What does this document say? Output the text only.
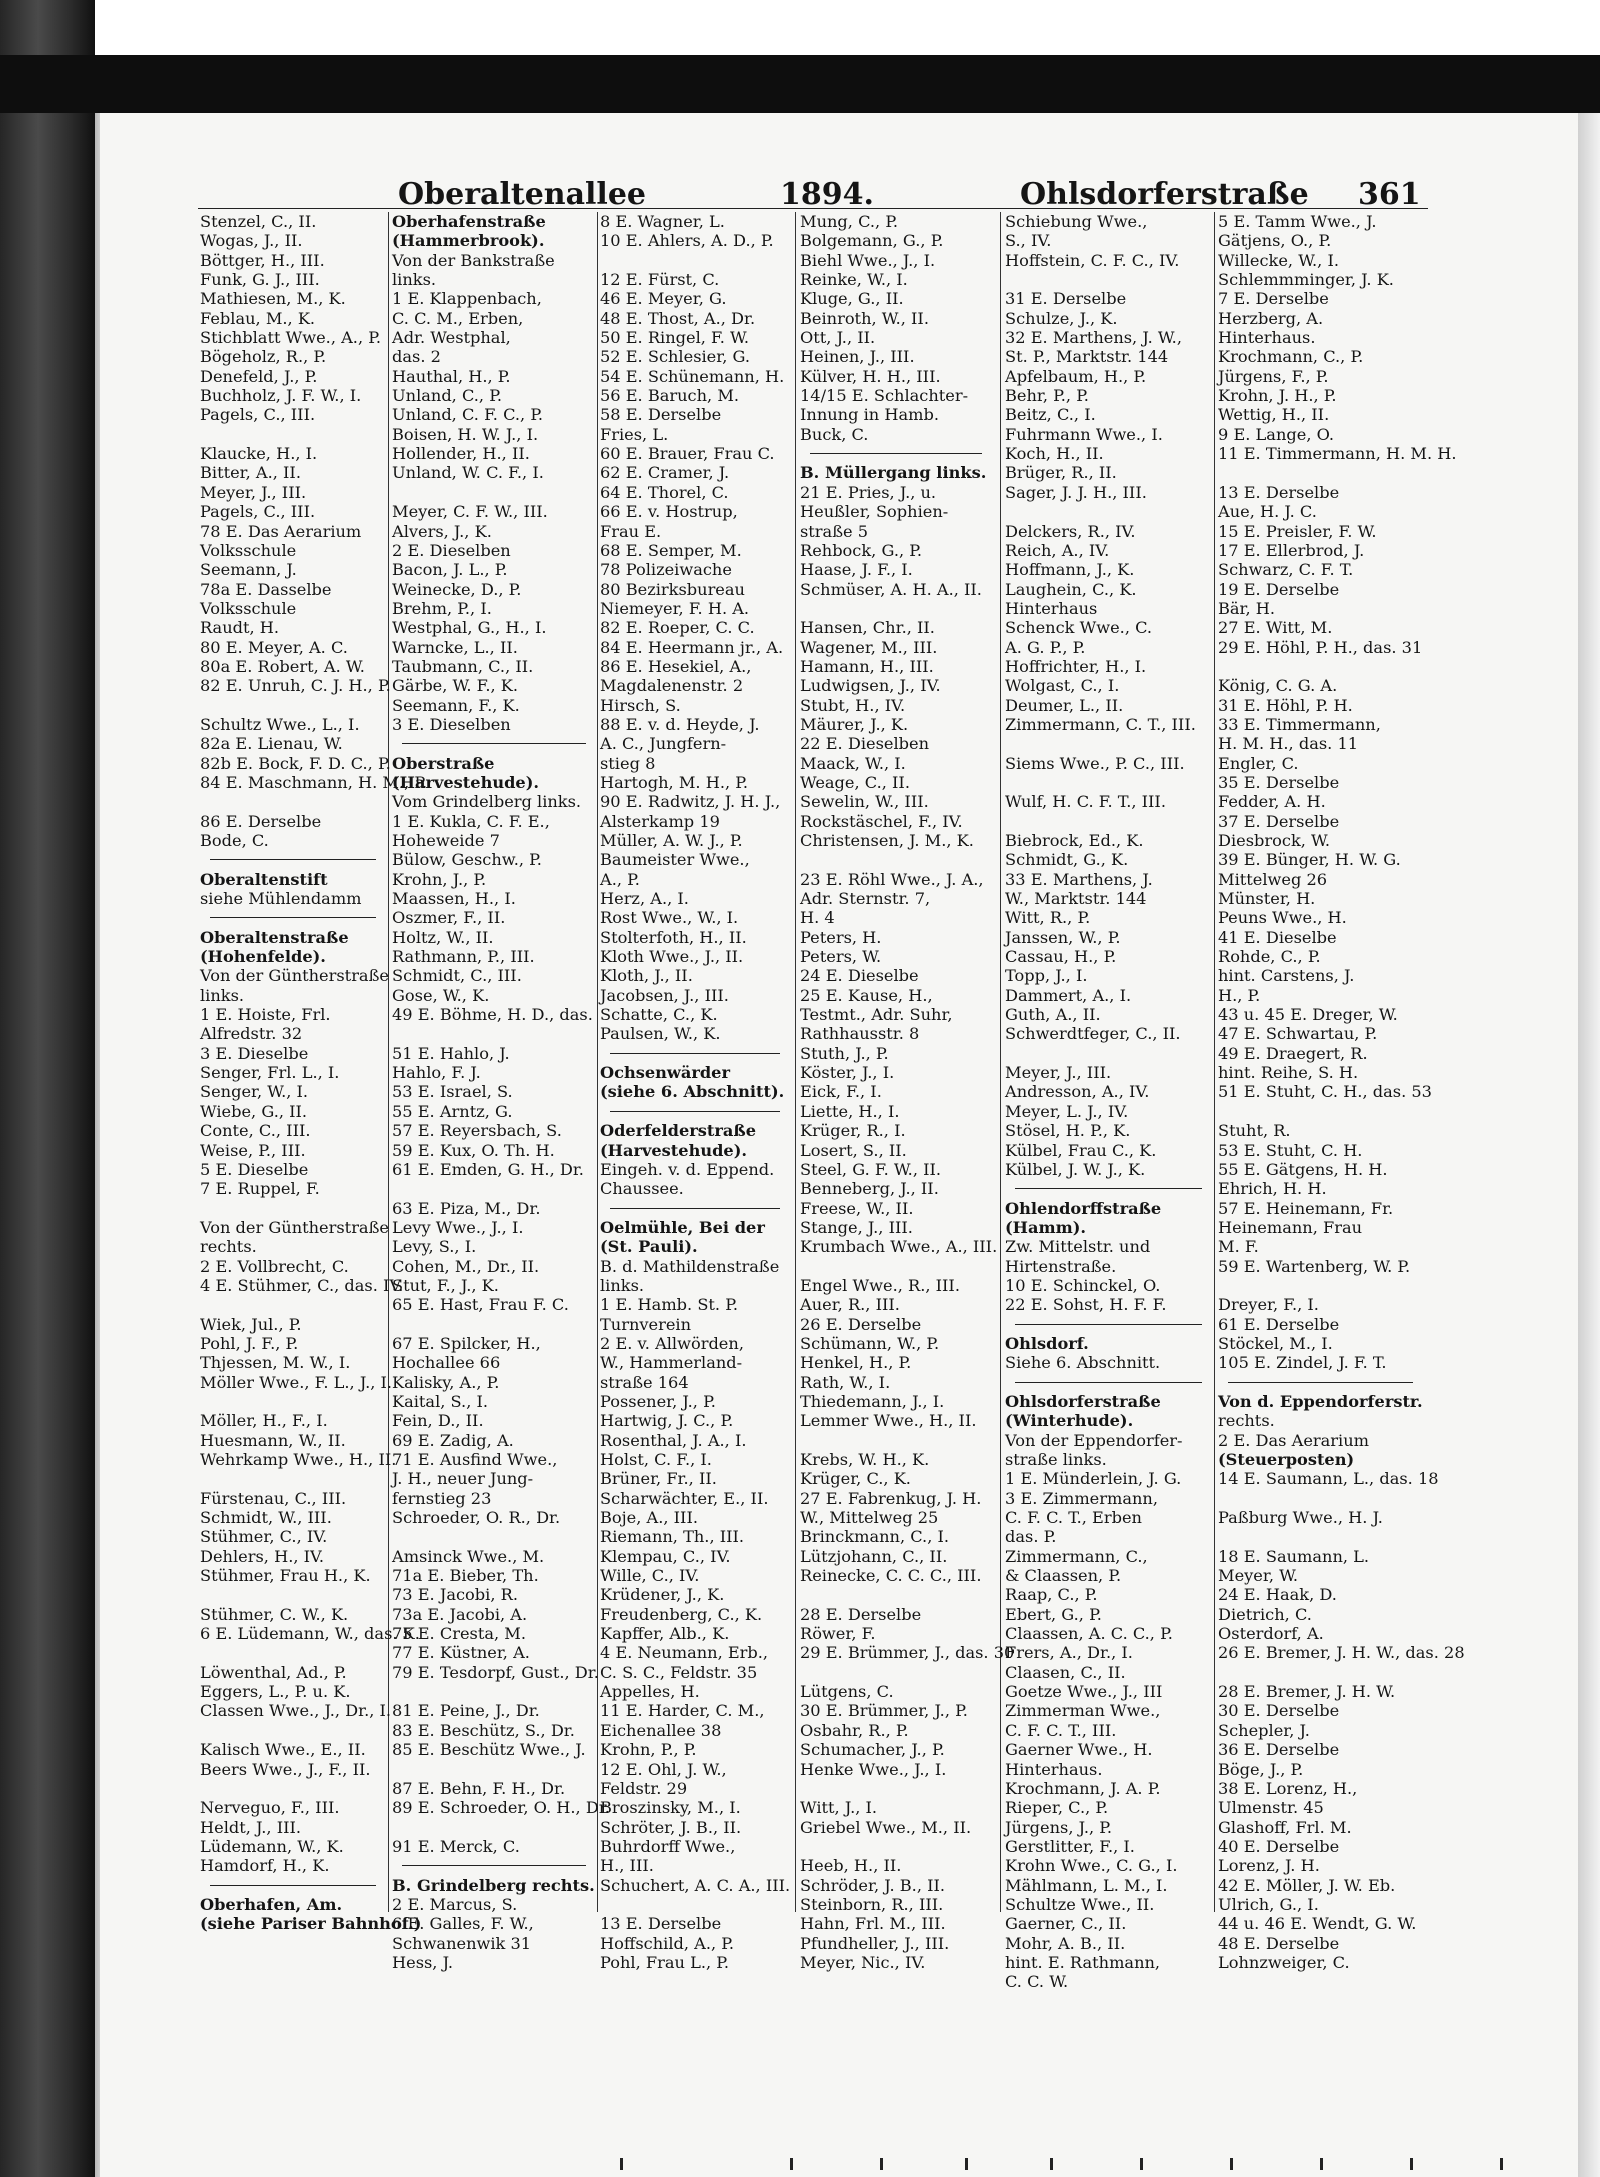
Oberaltenallee	1894.	Ohlsdorferstraße 361
Stenzel, C., II.
Wogas, J., II.
Böttger, H., III.
Funk, G. J., III.
Mathiesen, M., K.
Feblau, M., K.
Stichblatt Wwe., A., P.
Bögeholz, R., P.
Denefeld, J., P.
Buchholz, J. F. W., I.
Pagels, C., III.
Klaucke, H., I.
Bitter, A., II.
Meyer, J., III.
Pagels, C., III.
78 E. Das Aerarium
Volksschule
Seemann, J.
78a E. Dasselbe
Volksschule
Raudt, H.
80 E. Meyer, A. C.
80a E. Robert, A. W.
82 E. Unruh, C. J. H., P.
Schultz Wwe., L., I.
82a E. Lienau, W.
82b E. Bock, F. D. C., P.
84 E. Maschmann, H. M., P.
86 E. Derselbe
Bode, C.
Oberaltenstift
siehe Mühlendamm
Oberaltenstraße
(Hohenfelde).
Von der Güntherstraße
links.
1 E. Hoiste, Frl.
Alfredstr. 32
3 E. Dieselbe
Senger, Frl. L., I.
Senger, W., I.
Wiebe, G., II.
Conte, C., III.
Weise, P., III.
5 E. Dieselbe
7 E. Ruppel, F.
Von der Güntherstraße
rechts.
2 E. Vollbrecht, C.
4 E. Stühmer, C., das. IV.
Wiek, Jul., P.
Pohl, J. F., P.
Thjessen, M. W., I.
Möller Wwe., F. L., J., I.
Möller, H., F., I.
Huesmann, W., II.
Wehrkamp Wwe., H., II.
Fürstenau, C., III.
Schmidt, W., III.
Stühmer, C., IV.
Dehlers, H., IV.
Stühmer, Frau H., K.
Stühmer, C. W., K.
6 E. Lüdemann, W., das. K.
Löwenthal, Ad., P.
Eggers, L., P. u. K.
Classen Wwe., J., Dr., I.
Kalisch Wwe., E., II.
Beers Wwe., J., F., II.
Nerveguo, F., III.
Heldt, J., III.
Lüdemann, W., K.
Hamdorf, H., K.
Oberhafen, Am.
(siehe Pariser Bahnhof.)
Oberhafenstraße
(Hammerbrook).
Von der Bankstraße
links.
1 E. Klappenbach,
C. C. M., Erben,
Adr. Westphal,
das. 2
Hauthal, H., P.
Unland, C., P.
Unland, C. F. C., P.
Boisen, H. W. J., I.
Hollender, H., II.
Unland, W. C. F., I.
Meyer, C. F. W., III.
Alvers, J., K.
2 E. Dieselben
Bacon, J. L., P.
Weinecke, D., P.
Brehm, P., I.
Westphal, G., H., I.
Warncke, L., II.
Taubmann, C., II.
Gärbe, W. F., K.
Seemann, F., K.
3 E. Dieselben
Oberstraße
(Harvestehude).
Vom Grindelberg links.
1 E. Kukla, C. F. E.,
Hoheweide 7
Bülow, Geschw., P.
Krohn, J., P.
Maassen, H., I.
Oszmer, F., II.
Holtz, W., II.
Rathmann, P., III.
Schmidt, C., III.
Gose, W., K.
49 E. Böhme, H. D., das.
51 E. Hahlo, J.
Hahlo, F. J.
53 E. Israel, S.
55 E. Arntz, G.
57 E. Reyersbach, S.
59 E. Kux, O. Th. H.
61 E. Emden, G. H., Dr.
63 E. Piza, M., Dr.
Levy Wwe., J., I.
Levy, S., I.
Cohen, M., Dr., II.
Stut, F., J., K.
65 E. Hast, Frau F. C.
67 E. Spilcker, H.,
Hochallee 66
Kalisky, A., P.
Kaital, S., I.
Fein, D., II.
69 E. Zadig, A.
71 E. Ausfind Wwe.,
J. H., neuer Jung-
fernstieg 23
Schroeder, O. R., Dr.
Amsinck Wwe., M.
71a E. Bieber, Th.
73 E. Jacobi, R.
73a E. Jacobi, A.
75 E. Cresta, M.
77 E. Küstner, A.
79 E. Tesdorpf, Gust., Dr.
81 E. Peine, J., Dr.
83 E. Beschütz, S., Dr.
85 E. Beschütz Wwe., J.
87 E. Behn, F. H., Dr.
89 E. Schroeder, O. H., Dr.
91 E. Merck, C.
B. Grindelberg rechts.
2 E. Marcus, S.
6 E. Galles, F. W.,
Schwanenwik 31
Hess, J.
8 E. Wagner, L.
10 E. Ahlers, A. D., P.
12 E. Fürst, C.
46 E. Meyer, G.
48 E. Thost, A., Dr.
50 E. Ringel, F. W.
52 E. Schlesier, G.
54 E. Schünemann, H.
56 E. Baruch, M.
58 E. Derselbe
Fries, L.
60 E. Brauer, Frau C.
62 E. Cramer, J.
64 E. Thorel, C.
66 E. v. Hostrup,
Frau E.
68 E. Semper, M.
78 Polizeiwache
80 Bezirksbureau
Niemeyer, F. H. A.
82 E. Roeper, C. C.
84 E. Heermann jr., A.
86 E. Hesekiel, A.,
Magdalenenstr. 2
Hirsch, S.
88 E. v. d. Heyde, J.
A. C., Jungfern-
stieg 8
Hartogh, M. H., P.
90 E. Radwitz, J. H. J.,
Alsterkamp 19
Müller, A. W. J., P.
Baumeister Wwe.,
A., P.
Herz, A., I.
Rost Wwe., W., I.
Stolterfoth, H., II.
Kloth Wwe., J., II.
Kloth, J., II.
Jacobsen, J., III.
Schatte, C., K.
Paulsen, W., K.
Ochsenwärder
(siehe 6. Abschnitt).
Oderfelderstraße
(Harvestehude).
Eingeh. v. d. Eppend.
Chaussee.
Oelmühle, Bei der
(St. Pauli).
B. d. Mathildenstraße
links.
1 E. Hamb. St. P.
Turnverein
2 E. v. Allwörden,
W., Hammerland-
straße 164
Possener, J., P.
Hartwig, J. C., P.
Rosenthal, J. A., I.
Holst, C. F., I.
Brüner, Fr., II.
Scharwächter, E., II.
Boje, A., III.
Riemann, Th., III.
Klempau, C., IV.
Wille, C., IV.
Krüdener, J., K.
Freudenberg, C., K.
Kapffer, Alb., K.
4 E. Neumann, Erb.,
C. S. C., Feldstr. 35
Appelles, H.
11 E. Harder, C. M.,
Eichenallee 38
Krohn, P., P.
12 E. Ohl, J. W.,
Feldstr. 29
Broszinsky, M., I.
Schröter, J. B., II.
Buhrdorff Wwe.,
H., III.
Schuchert, A. C. A., III.
13 E. Derselbe
Hoffschild, A., P.
Pohl, Frau L., P.
Mung, C., P.
Bolgemann, G., P.
Biehl Wwe., J., I.
Reinke, W., I.
Kluge, G., II.
Beinroth, W., II.
Ott, J., II.
Heinen, J., III.
Külver, H. H., III.
14/15 E. Schlachter-
Innung in Hamb.
Buck, C.
B. Müllergang links.
21 E. Pries, J., u.
Heußler, Sophien-
straße 5
Rehbock, G., P.
Haase, J. F., I.
Schmüser, A. H. A., II.
Hansen, Chr., II.
Wagener, M., III.
Hamann, H., III.
Ludwigsen, J., IV.
Stubt, H., IV.
Mäurer, J., K.
22 E. Dieselben
Maack, W., I.
Weage, C., II.
Sewelin, W., III.
Rockstäschel, F., IV.
Christensen, J. M., K.
23 E. Röhl Wwe., J. A.,
Adr. Sternstr. 7,
H. 4
Peters, H.
Peters, W.
24 E. Dieselbe
25 E. Kause, H.,
Testmt., Adr. Suhr,
Rathhausstr. 8
Stuth, J., P.
Köster, J., I.
Eick, F., I.
Liette, H., I.
Krüger, R., I.
Losert, S., II.
Steel, G. F. W., II.
Benneberg, J., II.
Freese, W., II.
Stange, J., III.
Krumbach Wwe., A., III.
Engel Wwe., R., III.
Auer, R., III.
26 E. Derselbe
Schümann, W., P.
Henkel, H., P.
Rath, W., I.
Thiedemann, J., I.
Lemmer Wwe., H., II.
Krebs, W. H., K.
Krüger, C., K.
27 E. Fabrenkug, J. H.
W., Mittelweg 25
Brinckmann, C., I.
Lützjohann, C., II.
Reinecke, C. C. C., III.
28 E. Derselbe
Röwer, F.
29 E. Brümmer, J., das. 30
Lütgens, C.
30 E. Brümmer, J., P.
Osbahr, R., P.
Schumacher, J., P.
Henke Wwe., J., I.
Witt, J., I.
Griebel Wwe., M., II.
Heeb, H., II.
Schröder, J. B., II.
Steinborn, R., III.
Hahn, Frl. M., III.
Pfundheller, J., III.
Meyer, Nic., IV.
Schiebung Wwe.,
S., IV.
Hoffstein, C. F. C., IV.
31 E. Derselbe
Schulze, J., K.
32 E. Marthens, J. W.,
St. P., Marktstr. 144
Apfelbaum, H., P.
Behr, P., P.
Beitz, C., I.
Fuhrmann Wwe., I.
Koch, H., II.
Brüger, R., II.
Sager, J. J. H., III.
Delckers, R., IV.
Reich, A., IV.
Hoffmann, J., K.
Laughein, C., K.
Hinterhaus
Schenck Wwe., C.
A. G. P., P.
Hoffrichter, H., I.
Wolgast, C., I.
Deumer, L., II.
Zimmermann, C. T., III.
Siems Wwe., P. C., III.
Wulf, H. C. F. T., III.
Biebrock, Ed., K.
Schmidt, G., K.
33 E. Marthens, J.
W., Marktstr. 144
Witt, R., P.
Janssen, W., P.
Cassau, H., P.
Topp, J., I.
Dammert, A., I.
Guth, A., II.
Schwerdtfeger, C., II.
Meyer, J., III.
Andresson, A., IV.
Meyer, L. J., IV.
Stösel, H. P., K.
Külbel, Frau C., K.
Külbel, J. W. J., K.
Ohlendorffstraße
(Hamm).
Zw. Mittelstr. und
Hirtenstraße.
10 E. Schinckel, O.
22 E. Sohst, H. F. F.
Ohlsdorf.
Siehe 6. Abschnitt.
Ohlsdorferstraße
(Winterhude).
Von der Eppendorfer-
straße links.
1 E. Münderlein, J. G.
3 E. Zimmermann,
C. F. C. T., Erben
das. P.
Zimmermann, C.,
& Claassen, P.
Raap, C., P.
Ebert, G., P.
Claassen, A. C. C., P.
Frers, A., Dr., I.
Claasen, C., II.
Goetze Wwe., J., III
Zimmerman Wwe.,
C. F. C. T., III.
Gaerner Wwe., H.
Hinterhaus.
Krochmann, J. A. P.
Rieper, C., P.
Jürgens, J., P.
Gerstlitter, F., I.
Krohn Wwe., C. G., I.
Mählmann, L. M., I.
Schultze Wwe., II.
Gaerner, C., II.
Mohr, A. B., II.
hint. E. Rathmann,
C. C. W.
5 E. Tamm Wwe., J.
Gätjens, O., P.
Willecke, W., I.
Schlemmminger, J. K.
7 E. Derselbe
Herzberg, A.
Hinterhaus.
Krochmann, C., P.
Jürgens, F., P.
Krohn, J. H., P.
Wettig, H., II.
9 E. Lange, O.
11 E. Timmermann, H. M. H.
13 E. Derselbe
Aue, H. J. C.
15 E. Preisler, F. W.
17 E. Ellerbrod, J.
Schwarz, C. F. T.
19 E. Derselbe
Bär, H.
27 E. Witt, M.
29 E. Höhl, P. H., das. 31
König, C. G. A.
31 E. Höhl, P. H.
33 E. Timmermann,
H. M. H., das. 11
Engler, C.
35 E. Derselbe
Fedder, A. H.
37 E. Derselbe
Diesbrock, W.
39 E. Bünger, H. W. G.
Mittelweg 26
Münster, H.
Peuns Wwe., H.
41 E. Dieselbe
Rohde, C., P.
hint. Carstens, J.
H., P.
43 u. 45 E. Dreger, W.
47 E. Schwartau, P.
49 E. Draegert, R.
hint. Reihe, S. H.
51 E. Stuht, C. H., das. 53
Stuht, R.
53 E. Stuht, C. H.
55 E. Gätgens, H. H.
Ehrich, H. H.
57 E. Heinemann, Fr.
Heinemann, Frau
M. F.
59 E. Wartenberg, W. P.
Dreyer, F., I.
61 E. Derselbe
Stöckel, M., I.
105 E. Zindel, J. F. T.
Von d. Eppendorferstr.
rechts.
2 E. Das Aerarium
(Steuerposten)
14 E. Saumann, L., das. 18
Paßburg Wwe., H. J.
18 E. Saumann, L.
Meyer, W.
24 E. Haak, D.
Dietrich, C.
Osterdorf, A.
26 E. Bremer, J. H. W., das. 28
28 E. Bremer, J. H. W.
30 E. Derselbe
Schepler, J.
36 E. Derselbe
Böge, J., P.
38 E. Lorenz, H.,
Ulmenstr. 45
Glashoff, Frl. M.
40 E. Derselbe
Lorenz, J. H.
42 E. Möller, J. W. Eb.
Ulrich, G., I.
44 u. 46 E. Wendt, G. W.
48 E. Derselbe
Lohnzweiger, C.
